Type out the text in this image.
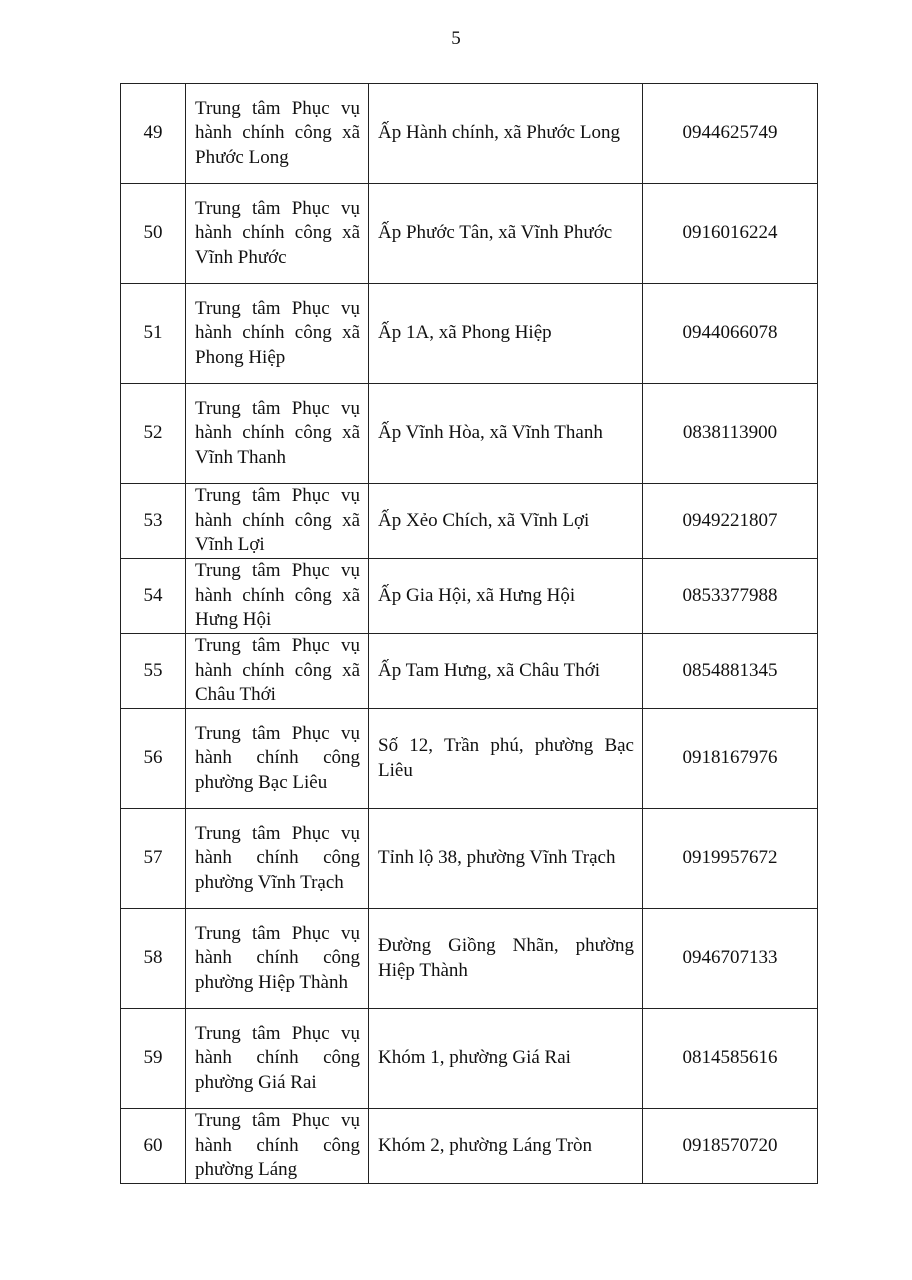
5
49	Trung tâm Phục vụ hành chính công xã Phước Long	Ấp Hành chính, xã Phước Long	0944625749
50	Trung tâm Phục vụ hành chính công xã Vĩnh Phước	Ấp Phước Tân, xã Vĩnh Phước	0916016224
51	Trung tâm Phục vụ hành chính công xã Phong Hiệp	Ấp 1A, xã Phong Hiệp	0944066078
52	Trung tâm Phục vụ hành chính công xã Vĩnh Thanh	Ấp Vĩnh Hòa, xã Vĩnh Thanh	0838113900
53	Trung tâm Phục vụ hành chính công xã Vĩnh Lợi	Ấp Xẻo Chích, xã Vĩnh Lợi	0949221807
54	Trung tâm Phục vụ hành chính công xã Hưng Hội	Ấp Gia Hội, xã Hưng Hội	0853377988
55	Trung tâm Phục vụ hành chính công xã Châu Thới	Ấp Tam Hưng, xã Châu Thới	0854881345
56	Trung tâm Phục vụ hành chính công phường Bạc Liêu	Số 12, Trần phú, phường Bạc Liêu	0918167976
57	Trung tâm Phục vụ hành chính công phường Vĩnh Trạch	Tỉnh lộ 38, phường Vĩnh Trạch	0919957672
58	Trung tâm Phục vụ hành chính công phường Hiệp Thành	Đường Giồng Nhãn, phường Hiệp Thành	0946707133
59	Trung tâm Phục vụ hành chính công phường Giá Rai	Khóm 1, phường Giá Rai	0814585616
60	Trung tâm Phục vụ hành chính công phường Láng	Khóm 2, phường Láng Tròn	0918570720
